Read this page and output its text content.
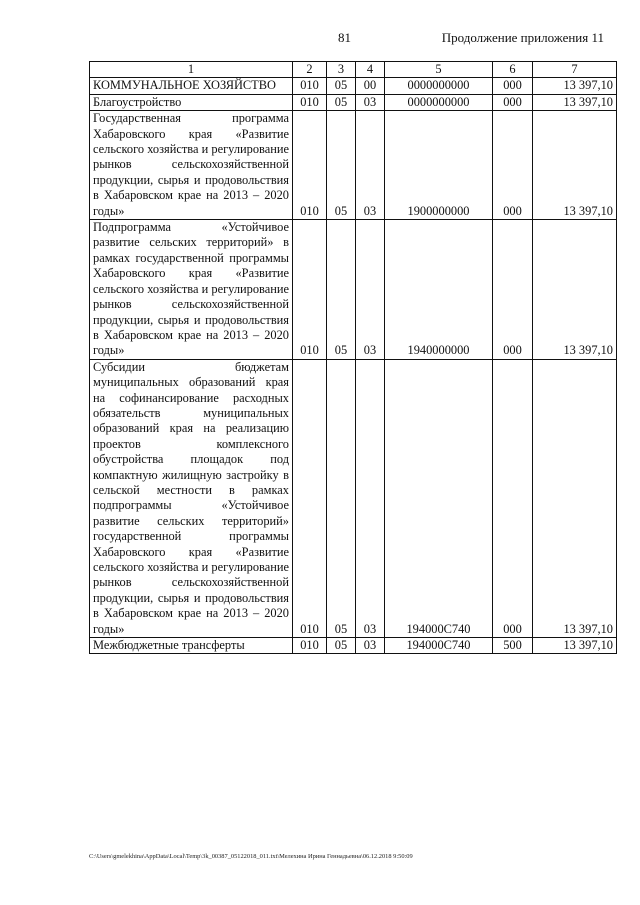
81	Продолжение приложения 11
1	2	3	4	5	6	7
КОММУНАЛЬНОЕ ХОЗЯЙСТВО	010	05	00	0000000000	000	13 397,10
Благоустройство	010	05	03	0000000000	000	13 397,10
Государственная программа Хабаровского края «Развитие сельского хозяйства и регулирование рынков сельскохозяйственной продукции, сырья и продовольствия в Хабаровском крае на 2013 – 2020 годы»	010	05	03	1900000000	000	13 397,10
Подпрограмма «Устойчивое развитие сельских территорий» в рамках государственной программы Хабаровского края «Развитие сельского хозяйства и регулирование рынков сельскохозяйственной продукции, сырья и продовольствия в Хабаровском крае на 2013 – 2020 годы»	010	05	03	1940000000	000	13 397,10
Субсидии бюджетам муниципальных образований края на софинансирование расходных обязательств муниципальных образований края на реализацию проектов комплексного обустройства площадок под компактную жилищную застройку в сельской местности в рамках подпрограммы «Устойчивое развитие сельских территорий» государственной программы Хабаровского края «Развитие сельского хозяйства и регулирование рынков сельскохозяйственной продукции, сырья и продовольствия в Хабаровском крае на 2013 – 2020 годы»	010	05	03	194000С740	000	13 397,10
Межбюджетные трансферты	010	05	03	194000С740	500	13 397,10
C:\Users\gmelekhina\AppData\Local\Temp\3k_00387_05122018_011.txt\Мелехина Ирина Геннадьевна\06.12.2018 9:50:09
